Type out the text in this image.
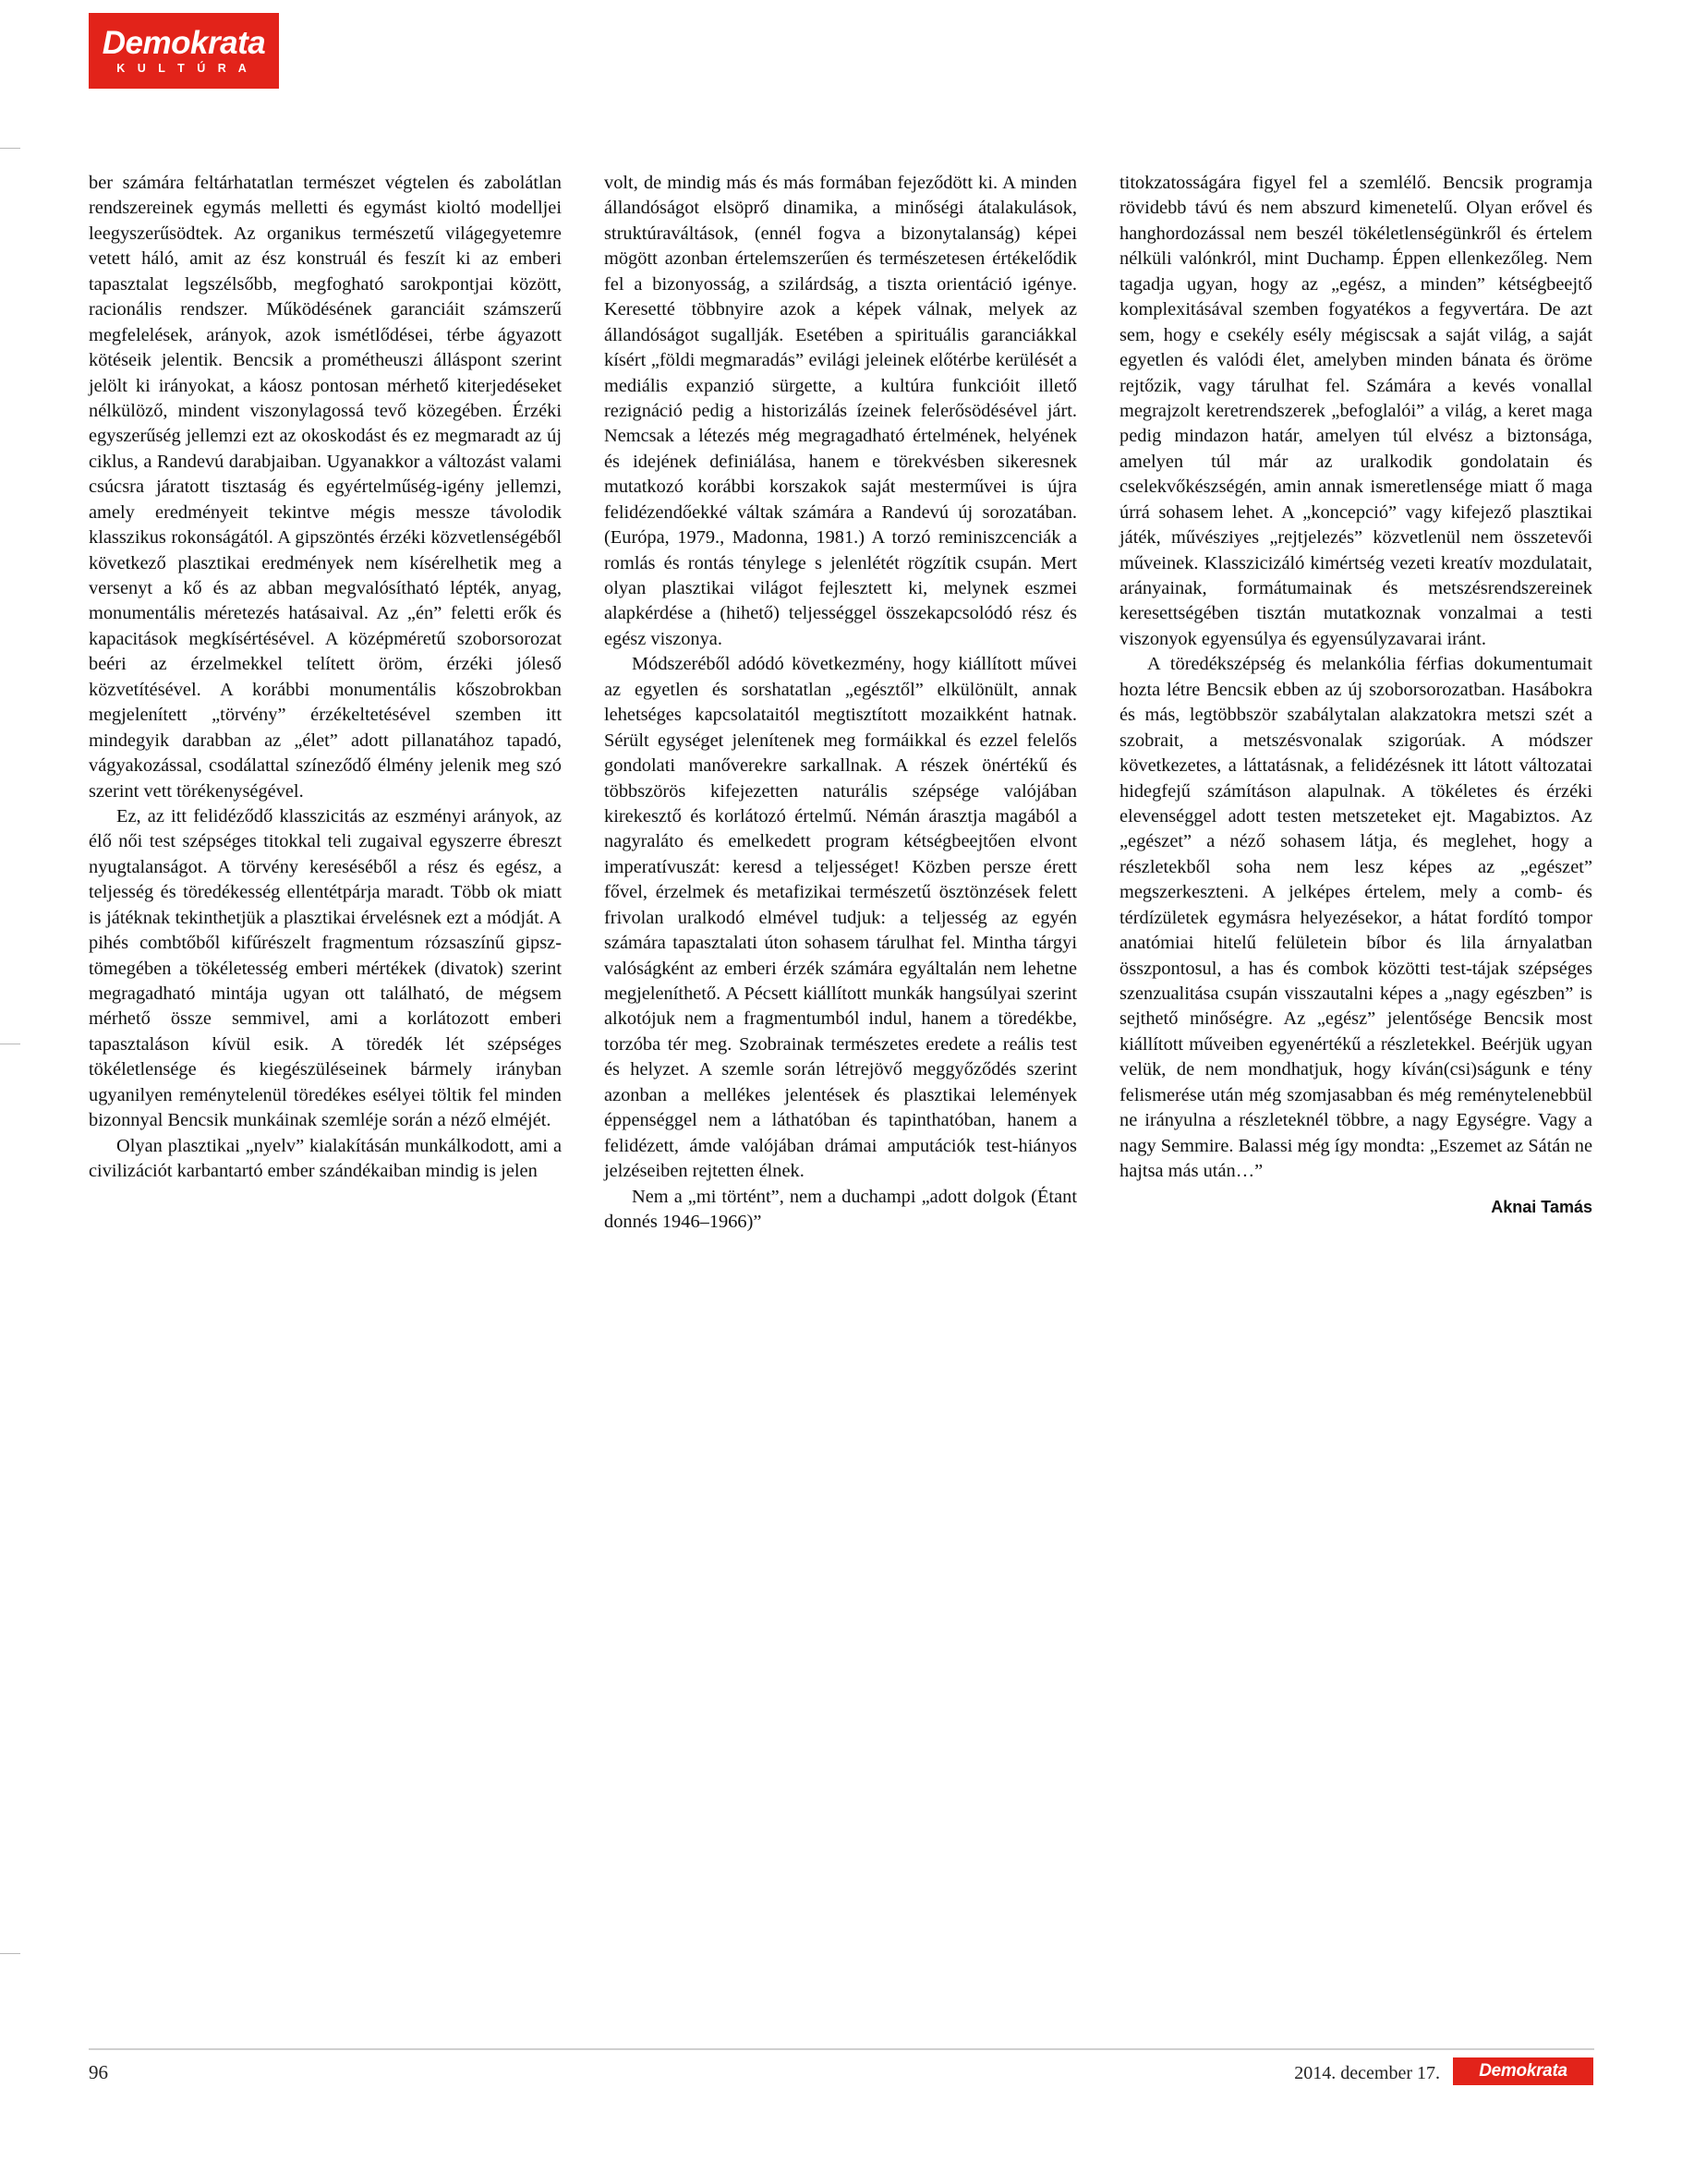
Demokrata
K U L T Ú R A

ber számára feltárhatatlan természet végtelen és zabolátlan rendszereinek egymás melletti és egymást kioltó modelljei leegyszerűsödtek. Az organikus természetű világegyetemre vetett háló, amit az ész konstruál és feszít ki az emberi tapasztalat legszélsőbb, megfogható sarokpontjai között, racionális rendszer. Működésének garanciáit számszerű megfelelések, arányok, azok ismétlődései, térbe ágyazott kötéseik jelentik. Bencsik a prométheuszi álláspont szerint jelölt ki irányokat, a káosz pontosan mérhető kiterjedéseket nélkülöző, mindent viszonylagossá tevő közegében. Érzéki egyszerűség jellemzi ezt az okoskodást és ez megmaradt az új ciklus, a Randevú darabjaiban. Ugyanakkor a változást valami csúcsra járatott tisztaság és egyértelműség-igény jellemzi, amely eredményeit tekintve mégis messze távolodik klasszikus rokonságától. A gipszöntés érzéki közvetlenségéből következő plasztikai eredmények nem kísérelhetik meg a versenyt a kő és az abban megvalósítható lépték, anyag, monumentális méretezés hatásaival. Az „én” feletti erők és kapacitások megkísértésével. A középméretű szoborsorozat beéri az érzelmekkel telített öröm, érzéki jóleső közvetítésével. A korábbi monumentális kőszobrokban megjelenített „törvény” érzékeltetésével szemben itt mindegyik darabban az „élet” adott pillanatához tapadó, vágyakozással, csodálattal színeződő élmény jelenik meg szó szerint vett törékenységével.

Ez, az itt felidéződő klasszicitás az eszményi arányok, az élő női test szépséges titokkal teli zugaival egyszerre ébreszt nyugtalanságot. A törvény kereséséből a rész és egész, a teljesség és töredékesség ellentétpárja maradt. Több ok miatt is játéknak tekinthetjük a plasztikai érvelésnek ezt a módját. A pihés combtőből kifűrészelt fragmentum rózsaszínű gipsz-tömegében a tökéletesség emberi mértékek (divatok) szerint megragadható mintája ugyan ott található, de mégsem mérhető össze semmivel, ami a korlátozott emberi tapasztaláson kívül esik. A töredék lét szépséges tökéletlensége és kiegészüléseinek bármely irányban ugyanilyen reménytelenül töredékes esélyei töltik fel minden bizonnyal Bencsik munkáinak szemléje során a néző elméjét.

Olyan plasztikai „nyelv” kialakításán munkálkodott, ami a civilizációt karbantartó ember szándékaiban mindig is jelen

volt, de mindig más és más formában fejeződött ki. A minden állandóságot elsöprő dinamika, a minőségi átalakulások, struktúraváltások, (ennél fogva a bizonytalanság) képei mögött azonban értelemszerűen és természetesen értékelődik fel a bizonyosság, a szilárdság, a tiszta orientáció igénye. Keresetté többnyire azok a képek válnak, melyek az állandóságot sugallják. Esetében a spirituális garanciákkal kísért „földi megmaradás” evilági jeleinek előtérbe kerülését a mediális expanzió sürgette, a kultúra funkcióit illető rezignáció pedig a historizálás ízeinek felerősödésével járt. Nemcsak a létezés még megragadható értelmének, helyének és idejének definiálása, hanem e törekvésben sikeresnek mutatkozó korábbi korszakok saját mesterművei is újra felidézendőekké váltak számára a Randevú új sorozatában. (Európa, 1979., Madonna, 1981.) A torzó reminiszcenciák a romlás és rontás ténylege s jelenlétét rögzítik csupán. Mert olyan plasztikai világot fejlesztett ki, melynek eszmei alapkérdése a (hihető) teljességgel összekapcsolódó rész és egész viszonya.

Módszeréből adódó következmény, hogy kiállított művei az egyetlen és sorshatatlan „egésztől” elkülönült, annak lehetséges kapcsolataitól megtisztított mozaikként hatnak. Sérült egységet jelenítenek meg formáikkal és ezzel felelős gondolati manőverekre sarkallnak. A részek önértékű és többszörös kifejezetten naturális szépsége valójában kirekesztő és korlátozó értelmű. Némán árasztja magából a nagyraláto és emelkedett program kétségbeejtően elvont imperatívuszát: keresd a teljességet! Közben persze érett fővel, érzelmek és metafizikai természetű ösztönzések felett frivolan uralkodó elmével tudjuk: a teljesség az egyén számára tapasztalati úton sohasem tárulhat fel. Mintha tárgyi valóságként az emberi érzék számára egyáltalán nem lehetne megjeleníthető. A Pécsett kiállított munkák hangsúlyai szerint alkotójuk nem a fragmentumból indul, hanem a töredékbe, torzóba tér meg. Szobrainak természetes eredete a reális test és helyzet. A szemle során létrejövő meggyőződés szerint azonban a mellékes jelentések és plasztikai lelemények éppenséggel nem a láthatóban és tapinthatóban, hanem a felidézett, ámde valójában drámai amputációk test-hiányos jelzéseiben rejtetten élnek.

Nem a „mi történt”, nem a duchampi „adott dolgok (Étant donnés 1946–1966)”

titokzatosságára figyel fel a szemlélő. Bencsik programja rövidebb távú és nem abszurd kimenetelű. Olyan erővel és hanghordozással nem beszél tökéletlenségünkről és értelem nélküli valónkról, mint Duchamp. Éppen ellenkezőleg. Nem tagadja ugyan, hogy az „egész, a minden” kétségbeejtő komplexitásával szemben fogyatékos a fegyvertára. De azt sem, hogy e csekély esély mégiscsak a saját világ, a saját egyetlen és valódi élet, amelyben minden bánata és öröme rejtőzik, vagy tárulhat fel. Számára a kevés vonallal megrajzolt keretrendszerek „befoglalói” a világ, a keret maga pedig mindazon határ, amelyen túl elvész a biztonsága, amelyen túl már az uralkodik gondolatain és cselekvőkészségén, amin annak ismeretlensége miatt ő maga úrrá sohasem lehet. A „koncepció” vagy kifejező plasztikai játék, művésziyes „rejtjelezés” közvetlenül nem összetevői műveinek. Klasszicizáló kimértség vezeti kreatív mozdulatait, arányainak, formátumainak és metszésrendszereinek keresettségében tisztán mutatkoznak vonzalmai a testi viszonyok egyensúlya és egyensúlyzavarai iránt.

A töredékszépség és melankólia férfias dokumentumait hozta létre Bencsik ebben az új szoborsorozatban. Hasábokra és más, legtöbbször szabálytalan alakzatokra metszi szét a szobrait, a metszésvonalak szigorúak. A módszer következetes, a láttatásnak, a felidézésnek itt látott változatai hidegfejű számításon alapulnak. A tökéletes és érzéki elevenséggel adott testen metszeteket ejt. Magabiztos. Az „egészet” a néző sohasem látja, és meglehet, hogy a részletekből soha nem lesz képes az „egészet” megszerkeszteni. A jelképes értelem, mely a comb- és térdízületek egymásra helyezésekor, a hátat fordító tompor anatómiai hitelű felületein bíbor és lila árnyalatban összpontosul, a has és combok közötti test-tájak szépséges szenzualitása csupán visszautalni képes a „nagy egészben” is sejthető minőségre. Az „egész” jelentősége Bencsik most kiállított műveiben egyenértékű a részletekkel. Beérjük ugyan velük, de nem mondhatjuk, hogy kíván(csi)ságunk e tény felismerése után még szomjasabban és még reménytelenebbül ne irányulna a részleteknél többre, a nagy Egységre. Vagy a nagy Semmire. Balassi még így mondta: „Eszemet az Sátán ne hajtsa más után…”

Aknai Tamás
96	2014. december 17.	Demokrata
